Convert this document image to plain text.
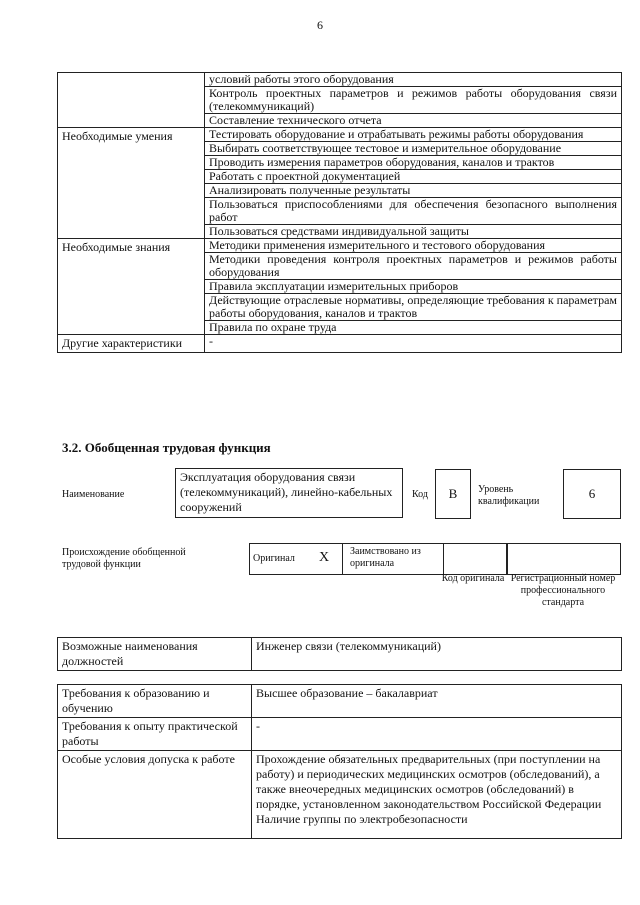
6
	условий работы этого оборудования
	Контроль проектных параметров и режимов работы оборудования связи (телекоммуникаций)
	Составление технического отчета
Необходимые умения	Тестировать оборудование и отрабатывать режимы работы оборудования
	Выбирать соответствующее тестовое и измерительное оборудование
	Проводить измерения параметров оборудования, каналов и трактов
	Работать с проектной документацией
	Анализировать полученные результаты
	Пользоваться приспособлениями для обеспечения безопасного выполнения работ
	Пользоваться средствами индивидуальной защиты
Необходимые знания	Методики применения измерительного и тестового оборудования
	Методики проведения контроля проектных параметров и режимов работы оборудования
	Правила эксплуатации измерительных приборов
	Действующие отраслевые нормативы, определяющие требования к параметрам работы оборудования, каналов и трактов
	Правила по охране труда
Другие характеристики	-
3.2. Обобщенная трудовая функция
Наименование
Эксплуатация оборудования связи (телекоммуникаций), линейно-кабельных сооружений
Код	В	Уровень квалификации
6
Происхождение обобщенной трудовой функции
Оригинал Х Заимствовано из оригинала
Код оригинала Регистрационный номер профессионального стандарта
Возможные наименования должностей	Инженер связи (телекоммуникаций)
Требования к образованию и обучению	Высшее образование – бакалавриат
Требования к опыту практической работы	-
Особые условия допуска к работе	Прохождение обязательных предварительных (при поступлении на работу) и периодических медицинских осмотров (обследований), а также внеочередных медицинских осмотров (обследований) в порядке, установленном законодательством Российской Федерации
Наличие группы по электробезопасности
